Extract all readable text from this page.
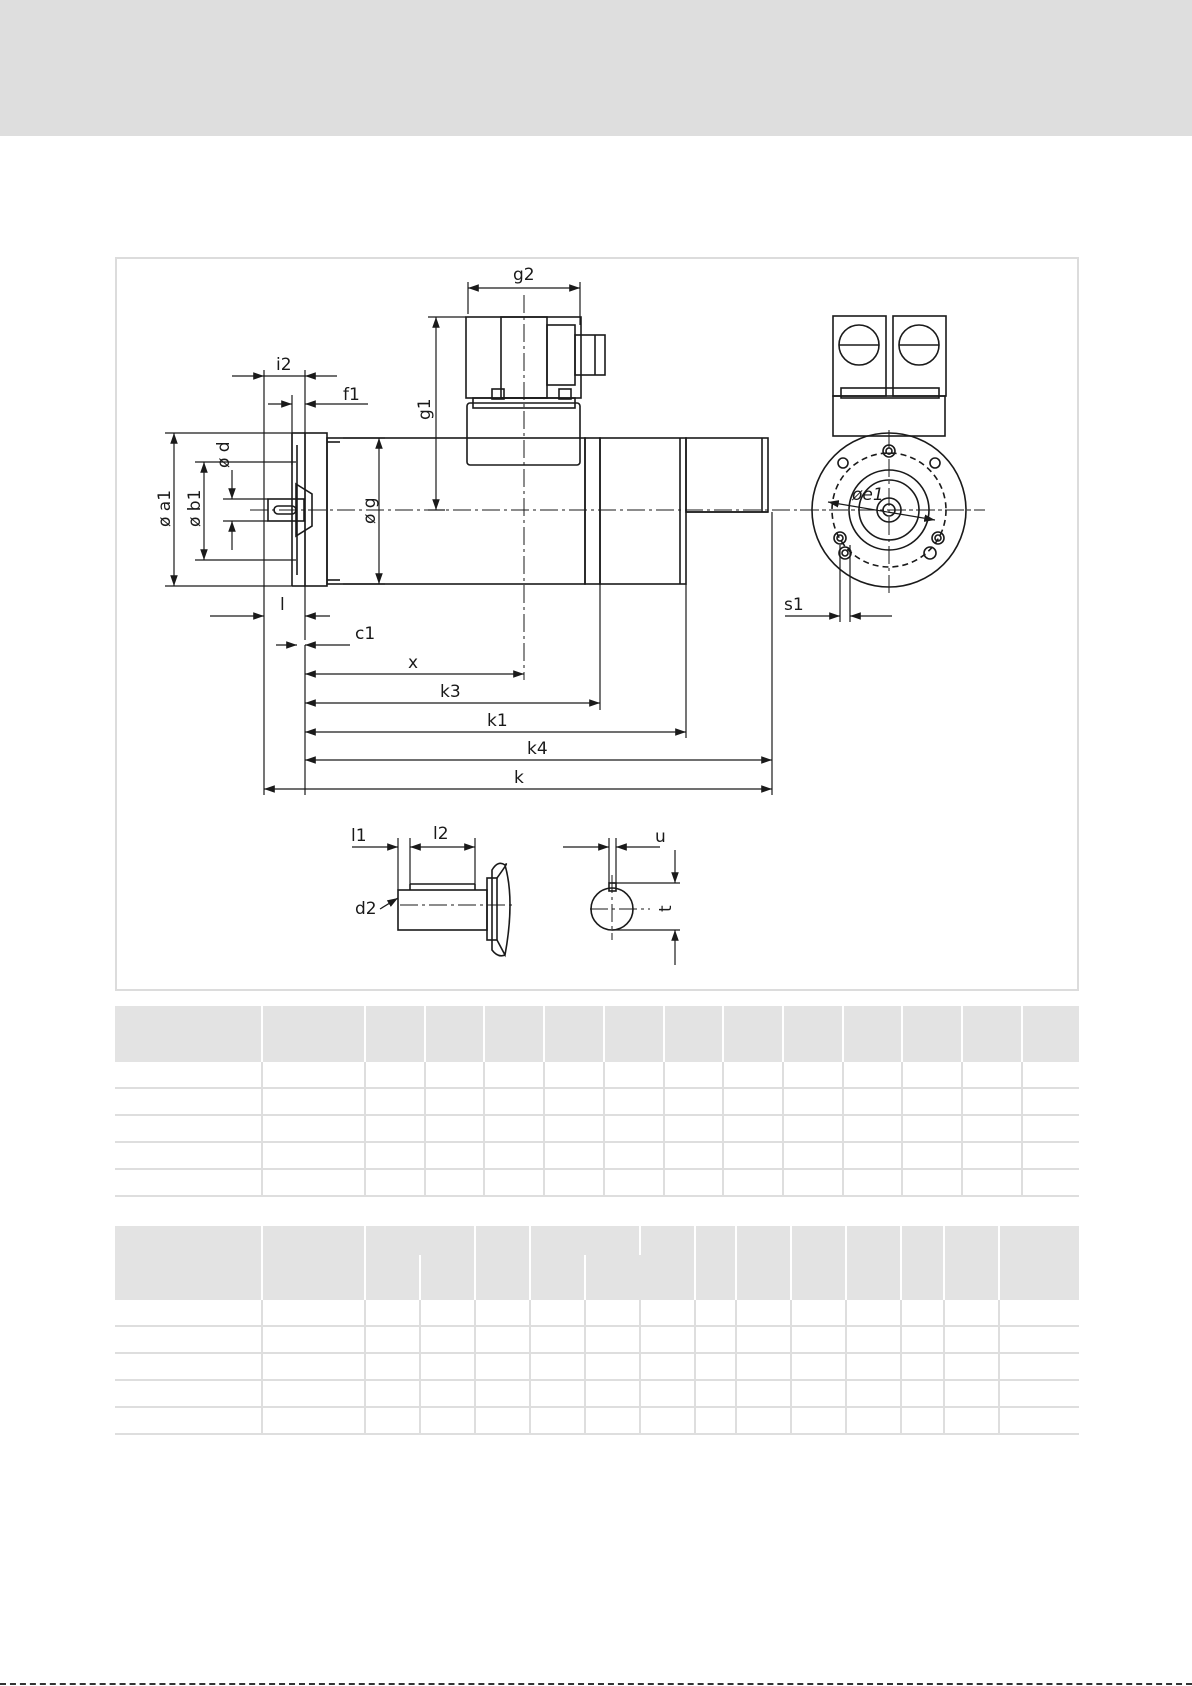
g2
g1
i2
f1
ø d
ø a1 ø b1	ø g
øe1
s1
l
c1
x
k3
k1
k4
k
l1	l2
d2
u
t
